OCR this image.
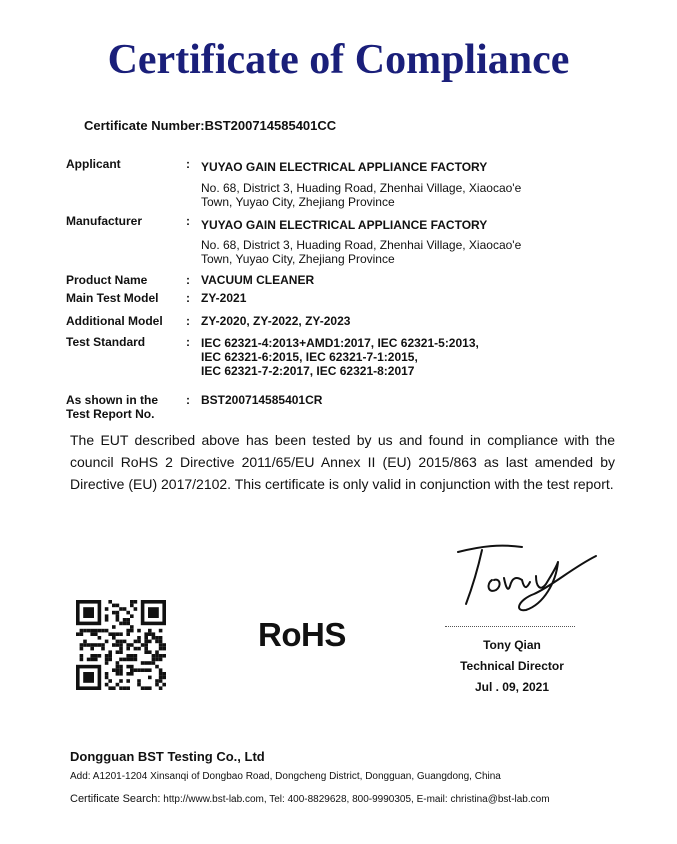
Certificate of Compliance
Certificate Number:BST200714585401CC
Applicant	: YUYAO GAIN ELECTRICAL APPLIANCE FACTORY
No. 68, District 3, Huading Road, Zhenhai Village, Xiaocao'e
Town, Yuyao City, Zhejiang Province
Manufacturer	: YUYAO GAIN ELECTRICAL APPLIANCE FACTORY
No. 68, District 3, Huading Road, Zhenhai Village, Xiaocao'e
Town, Yuyao City, Zhejiang Province
Product Name	: VACUUM CLEANER
Main Test Model : ZY-2021
Additional Model : ZY-2020, ZY-2022, ZY-2023
Test Standard	: IEC 62321-4:2013+AMD1:2017, IEC 62321-5:2013,
IEC 62321-6:2015, IEC 62321-7-1:2015,
IEC 62321-7-2:2017, IEC 62321-8:2017
As shown in the
Test Report No.
: BST200714585401CR
The EUT described above has been tested by us and found in compliance with the council RoHS 2 Directive 2011/65/EU Annex II (EU) 2015/863 as last amended by Directive (EU) 2017/2102. This certificate is only valid in conjunction with the test report.
Tony Qian
Technical Director
Jul . 09, 2021
RoHS
Dongguan BST Testing Co., Ltd
Add: A1201-1204 Xinsanqi of Dongbao Road, Dongcheng District, Dongguan, Guangdong, China
Certificate Search: http://www.bst-lab.com, Tel: 400-8829628, 800-9990305, E-mail: christina@bst-lab.com
